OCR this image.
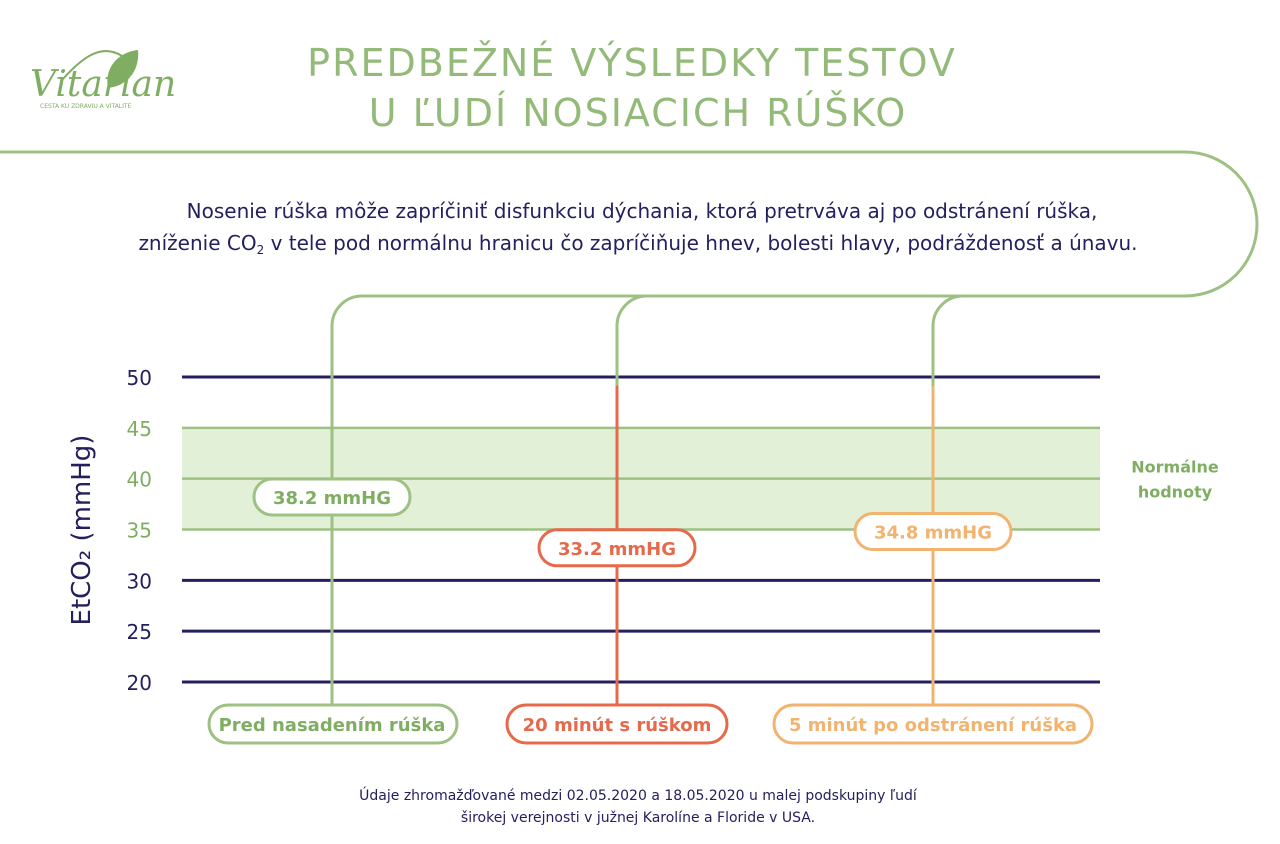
Vitarian
CESTA KU ZDRAVIU A VITALITE
PREDBEŽNÉ VÝSLEDKY TESTOV
U ĽUDÍ NOSIACICH RÚŠKO
Nosenie rúška môže zapríčiniť disfunkciu dýchania, ktorá pretrváva aj po odstránení rúška,
zníženie $CO_2$ v tele pod normálnu hranicu čo zapríčiňuje hnev, bolesti hlavy, podráždenosť a únavu.
Normálne
hodnoty
20
25
30
35
40
45
50
EtCO₂ (mmHg)	38.2 mmHG
Pred nasadením rúška
33.2 mmHG
20 minút s rúškom
34.8 mmHG
5 minút po odstránení rúška
Údaje zhromažďované medzi 02.05.2020 a 18.05.2020 u malej podskupiny ľudí
širokej verejnosti v južnej Karolíne a Floride v USA.
